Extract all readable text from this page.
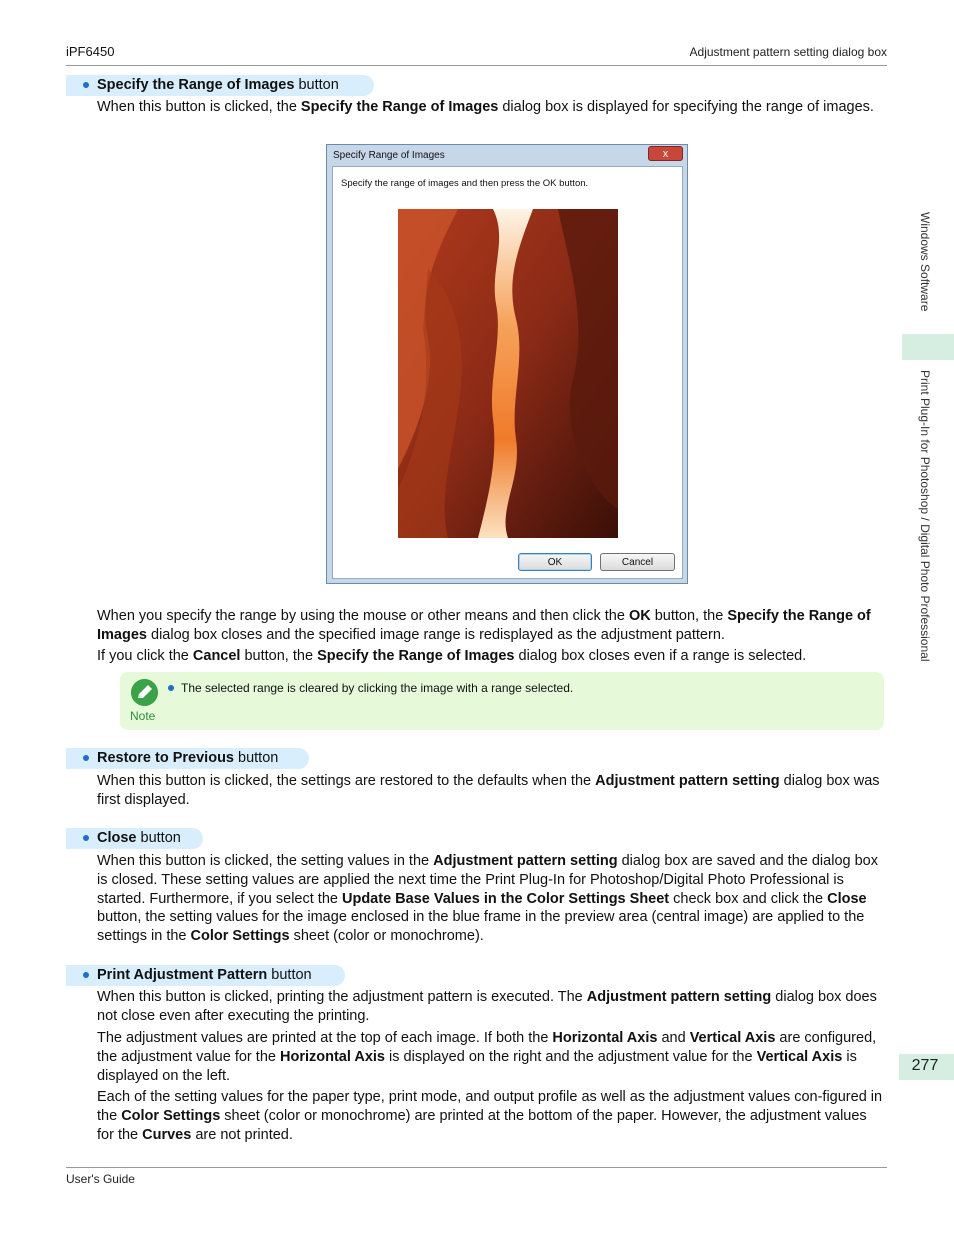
iPF6450	Adjustment pattern setting dialog box
User's Guide
Windows Software
Print Plug-In for Photoshop / Digital Photo Professional
277
Specify the Range of Images button
When this button is clicked, the Specify the Range of Images dialog box is displayed for specifying the range of images.
Specify Range of Images	x
Specify the range of images and then press the OK button.
OK	Cancel
When you specify the range by using the mouse or other means and then click the OK button, the Specify the Range of Images dialog box closes and the specified image range is redisplayed as the adjustment pattern.
If you click the Cancel button, the Specify the Range of Images dialog box closes even if a range is selected.
Note
The selected range is cleared by clicking the image with a range selected.
Restore to Previous button
When this button is clicked, the settings are restored to the defaults when the Adjustment pattern setting dialog box was first displayed.
Close button
When this button is clicked, the setting values in the Adjustment pattern setting dialog box are saved and the dialog box is closed. These setting values are applied the next time the Print Plug-In for Photoshop/Digital Photo Professional is started. Furthermore, if you select the Update Base Values in the Color Settings Sheet check box and click the Close button, the setting values for the image enclosed in the blue frame in the preview area (central image) are applied to the settings in the Color Settings sheet (color or monochrome).
Print Adjustment Pattern button
When this button is clicked, printing the adjustment pattern is executed. The Adjustment pattern setting dialog box does not close even after executing the printing.
The adjustment values are printed at the top of each image. If both the Horizontal Axis and Vertical Axis are configured, the adjustment value for the Horizontal Axis is displayed on the right and the adjustment value for the Vertical Axis is displayed on the left.
Each of the setting values for the paper type, print mode, and output profile as well as the adjustment values con-figured in the Color Settings sheet (color or monochrome) are printed at the bottom of the paper. However, the adjustment values for the Curves are not printed.
